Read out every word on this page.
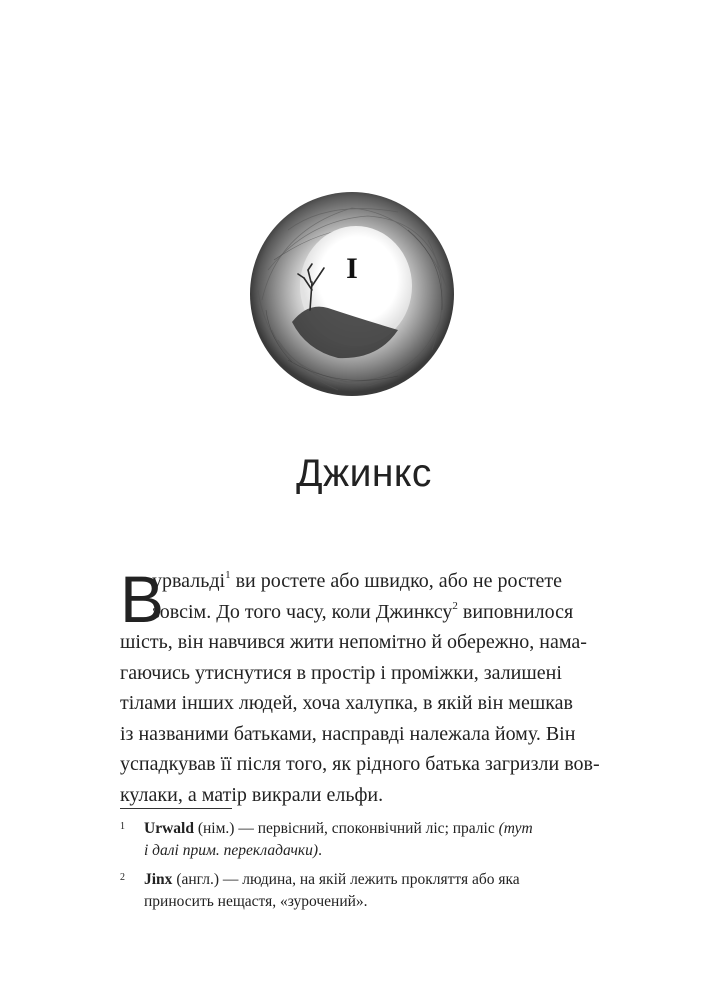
I
Джинкс
В
урвальді$^1$ ви ростете або швидко, або не ростете
зовсім. До того часу, коли Джинксу$^2$ виповнилося
шість, він навчився жити непомітно й обережно, нама-
гаючись утиснутися в простір і проміжки, залишені
тілами інших людей, хоча халупка, в якій він мешкав
із названими батьками, насправді належала йому. Він
успадкував її після того, як рідного батька загризли вов-
кулаки, а матір викрали ельфи.
1 Urwald (нім.) — первісний, споконвічний ліс; праліс (тут
і далі прим. перекладачки).
2 Jinx (англ.) — людина, на якій лежить прокляття або яка
приносить нещастя, «зурочений».
